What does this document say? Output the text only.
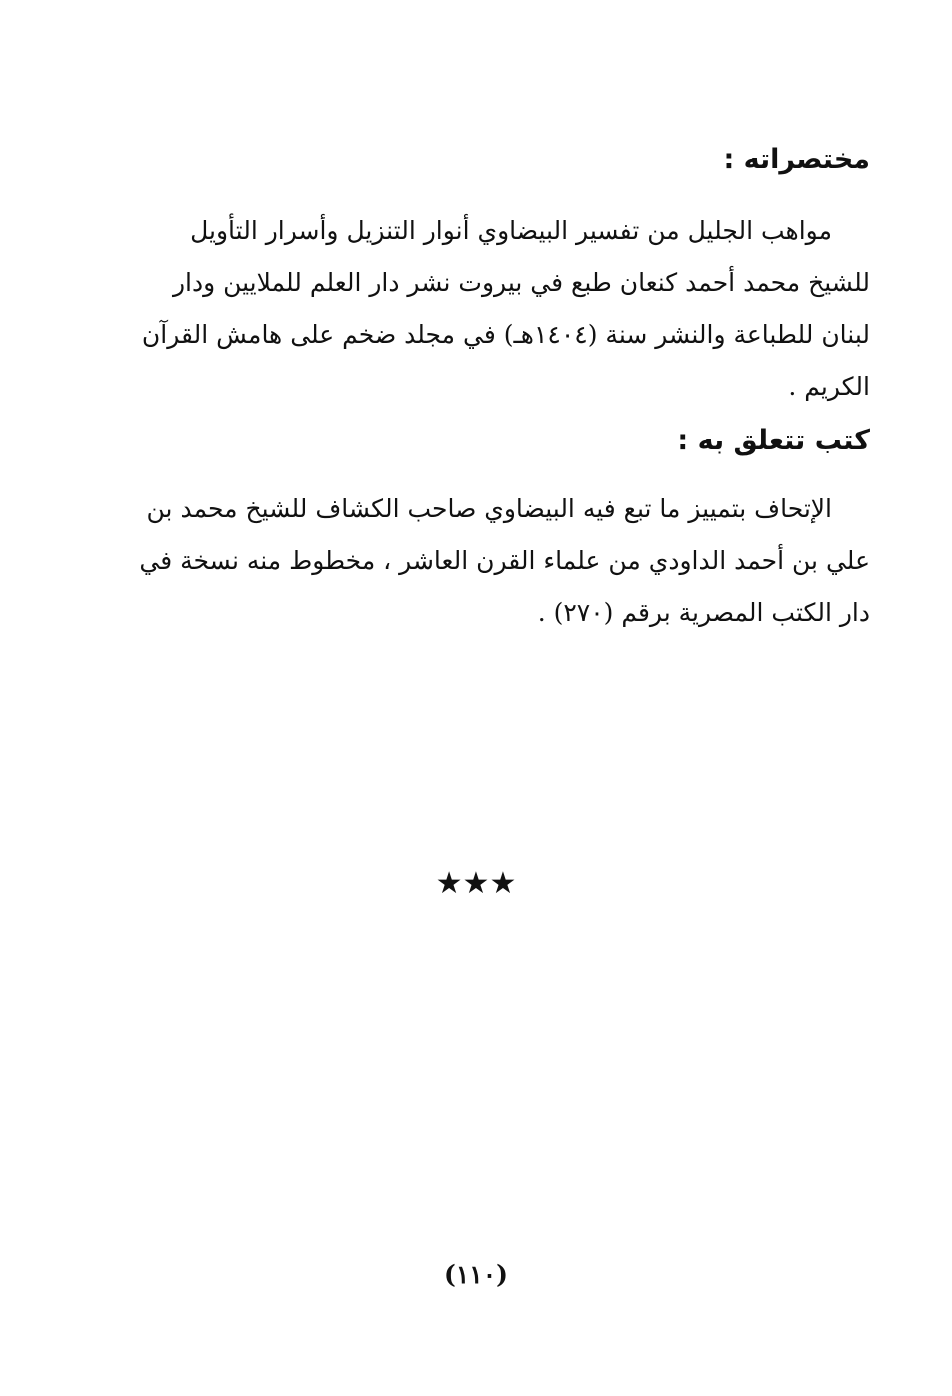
مختصراته :

مواهب الجليل من تفسير البيضاوي أنوار التنزيل وأسرار التأويل
للشيخ محمد أحمد كنعان طبع في بيروت نشر دار العلم للملايين ودار
لبنان للطباعة والنشر سنة (١٤٠٤هـ) في مجلد ضخم على هامش القرآن
الكريم .

كتب تتعلق به :

الإتحاف بتمييز ما تبع فيه البيضاوي صاحب الكشاف للشيخ محمد بن
علي بن أحمد الداودي من علماء القرن العاشر ، مخطوط منه نسخة في
دار الكتب المصرية برقم (٢٧٠) .

★★★
(١١٠)
